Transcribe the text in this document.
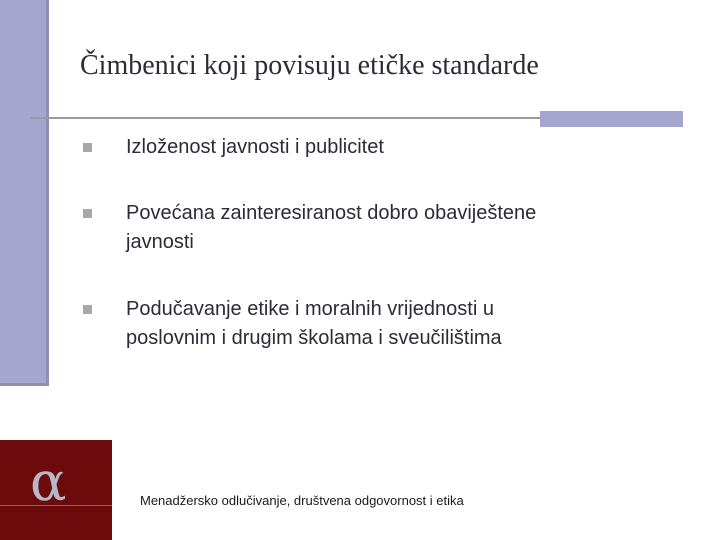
Čimbenici koji povisuju etičke standarde
Izloženost javnosti i publicitet
Povećana zainteresiranost dobro obaviještene
javnosti
Podučavanje etike i moralnih vrijednosti u
poslovnim i drugim školama i sveučilištima
α	Menadžersko odlučivanje, društvena odgovornost i etika
